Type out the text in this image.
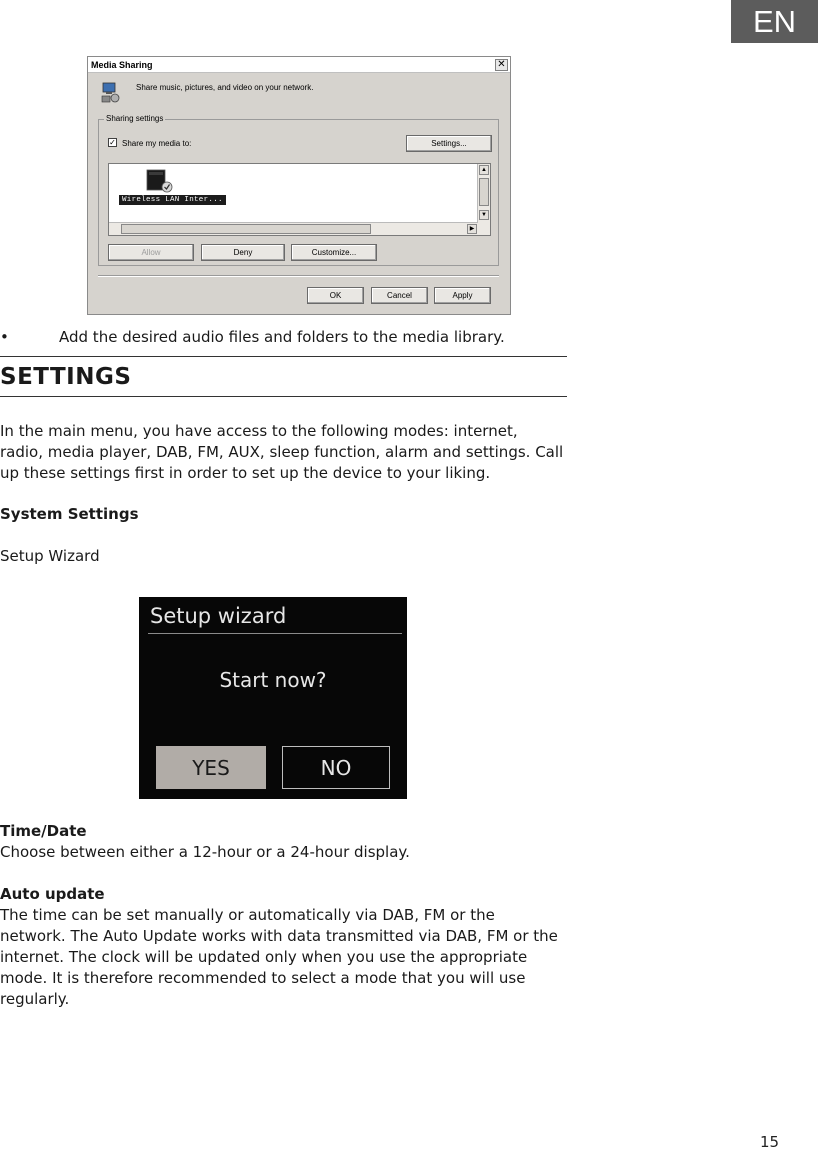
EN
Media Sharing	✕
Share music, pictures, and video on your network.
Sharing settings
✓ Share my media to:	Settings...
Wireless LAN Inter...
▲
▼
▶
Allow	Deny	Customize...
OK	Cancel	Apply
•	Add the desired audio files and folders to the media library.
SETTINGS

In the main menu, you have access to the following modes: internet, radio, media player, DAB, FM, AUX, sleep function, alarm and settings. Call up these settings first in order to set up the device to your liking.

System Settings

Setup Wizard

Setup wizard
Start now?
YES	NO

Time/Date

Choose between either a 12-hour or a 24-hour display.

Auto update

The time can be set manually or automatically via DAB, FM or the network. The Auto Update works with data transmitted via DAB, FM or the internet. The clock will be updated only when you use the appropriate mode. It is therefore recommended to select a mode that you will use regularly.

15
